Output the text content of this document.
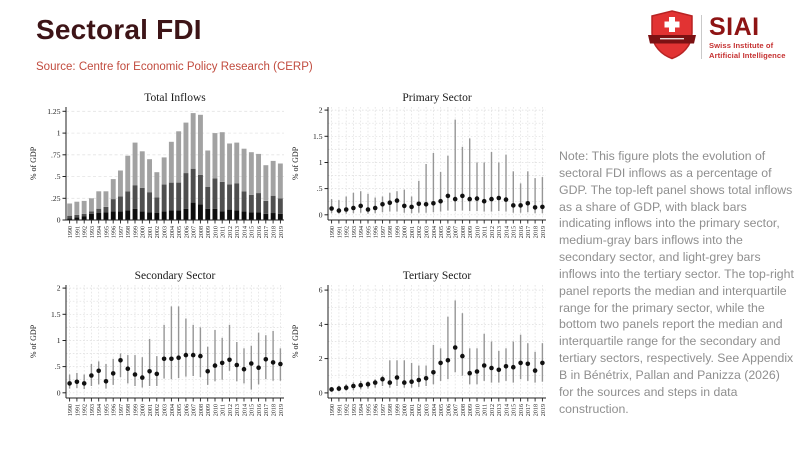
Sectoral FDI
Source: Centre for Economic Policy Research (CERP)
SIAI
Swiss Institute of
Artificial Intelligence
0
.25
.5
.75
1
1.25
1990 1991 1992 1993 1994 1995 1996 1997 1998 1999 2000 2001 2002 2003 2004 2005 2006 2007 2008 2009 2010 2011 2012 2013 2014 2015 2016 2017 2018 2019
Total Inflows
% of GDP
0
.5
1
1.5
2
1990 1991 1992 1993 1994 1995 1996 1997 1998 1999 2000 2001 2002 2003 2004 2005 2006 2007 2008 2009 2010 2011 2012 2013 2014 2015 2016 2017 2018 2019
Primary Sector
% of GDP
0
.5
1
1.5
2
1990 1991 1992 1993 1994 1995 1996 1997 1998 1999 2000 2001 2002 2003 2004 2005 2006 2007 2008 2009 2010 2011 2012 2013 2014 2015 2016 2017 2018 2019
Secondary Sector
% of GDP
0
2
4
6
1990 1991 1992 1993 1994 1995 1996 1997 1998 1999 2000 2001 2002 2003 2004 2005 2006 2007 2008 2009 2010 2011 2012 2013 2014 2015 2016 2017 2018 2019
Tertiary Sector
% of GDP
Note: This figure plots the evolution of sectoral FDI inflows as a percentage of GDP. The top-left panel shows total inflows as a share of GDP, with black bars indicating inflows into the primary sector, medium-gray bars inflows into the secondary sector, and light-grey bars inflows into the tertiary sector. The top-right panel reports the median and interquartile range for the primary sector, while the bottom two panels report the median and interquartile range for the secondary and tertiary sectors, respectively. See Appendix B in Bénétrix, Pallan and Panizza (2026) for the sources and steps in data construction.
